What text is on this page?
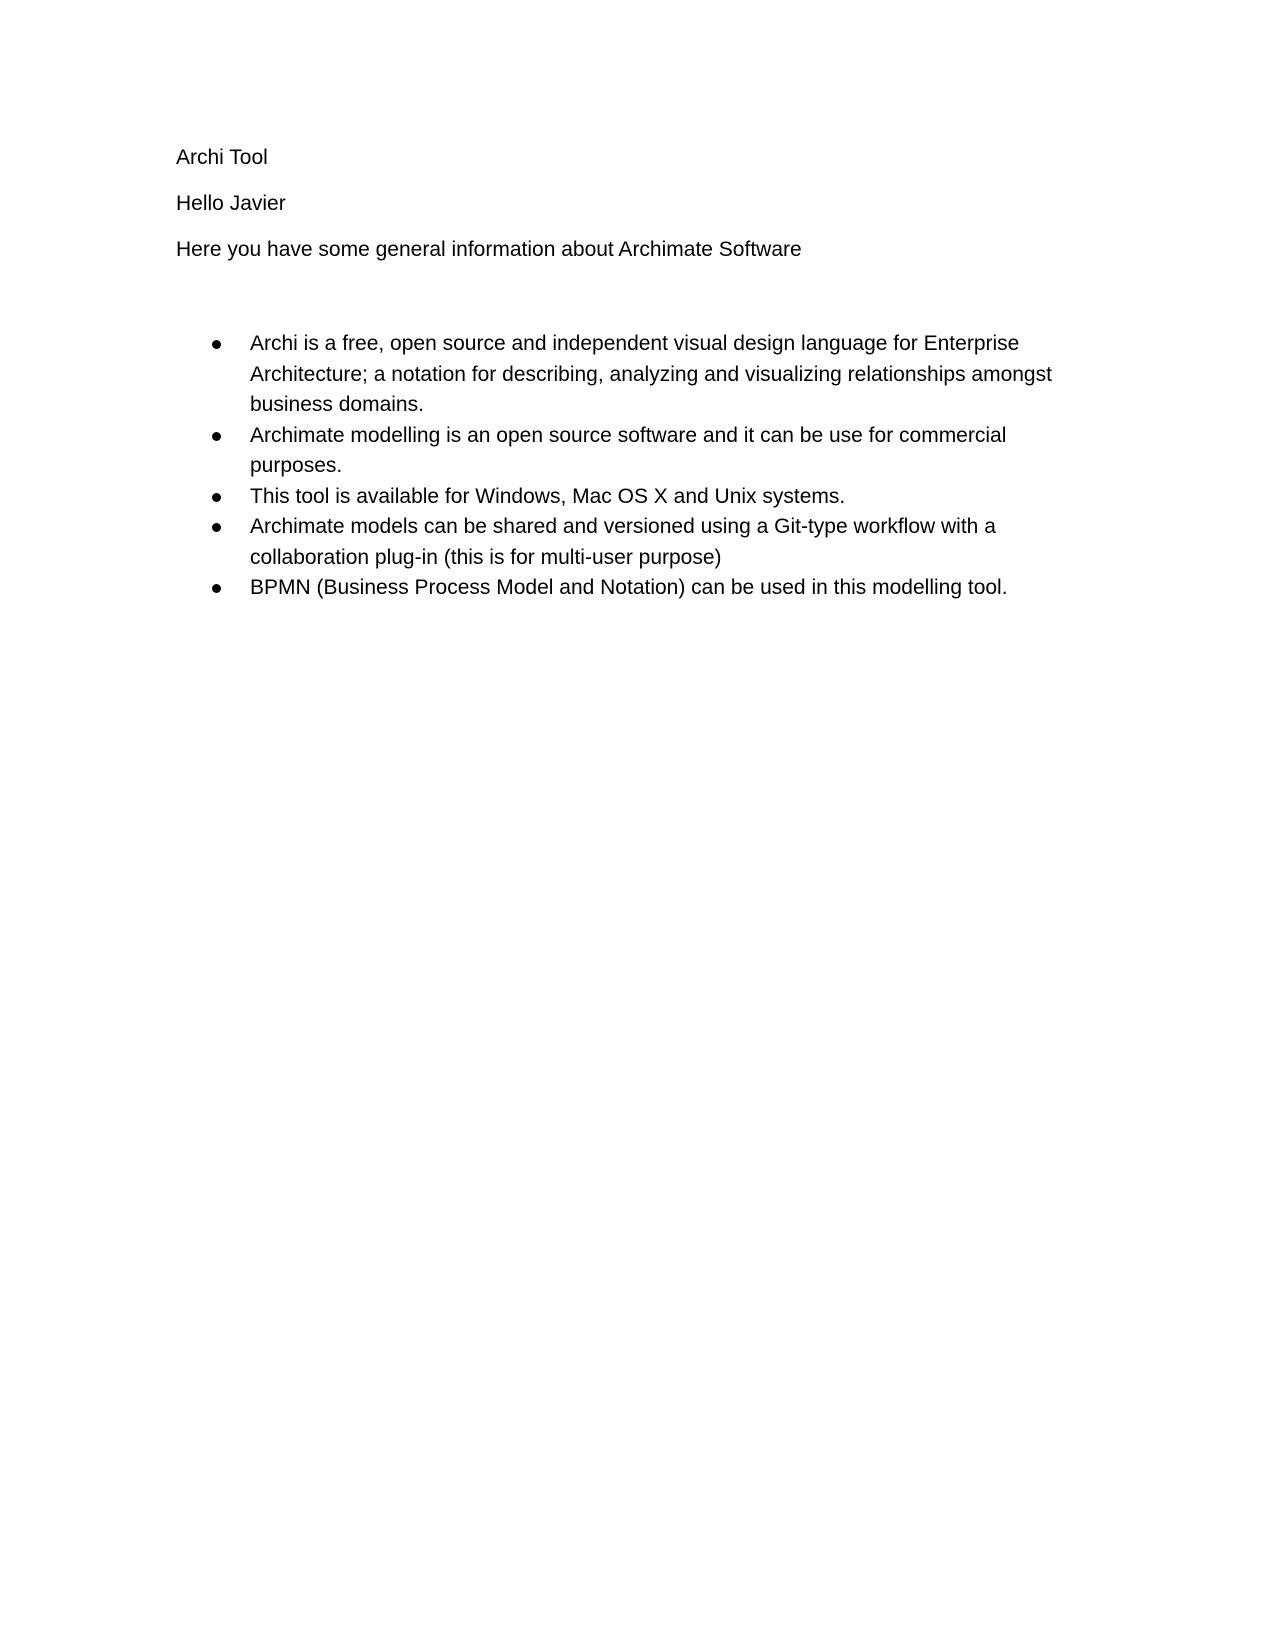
Archi Tool

Hello Javier

Here you have some general information about Archimate Software

Archi is a free, open source and independent visual design language for Enterprise Architecture; a notation for describing, analyzing and visualizing relationships amongst business domains.
Archimate modelling is an open source software and it can be use for commercial purposes.
This tool is available for Windows, Mac OS X and Unix systems.
Archimate models can be shared and versioned using a Git-type workflow with a collaboration plug-in (this is for multi-user purpose)
BPMN (Business Process Model and Notation) can be used in this modelling tool.
